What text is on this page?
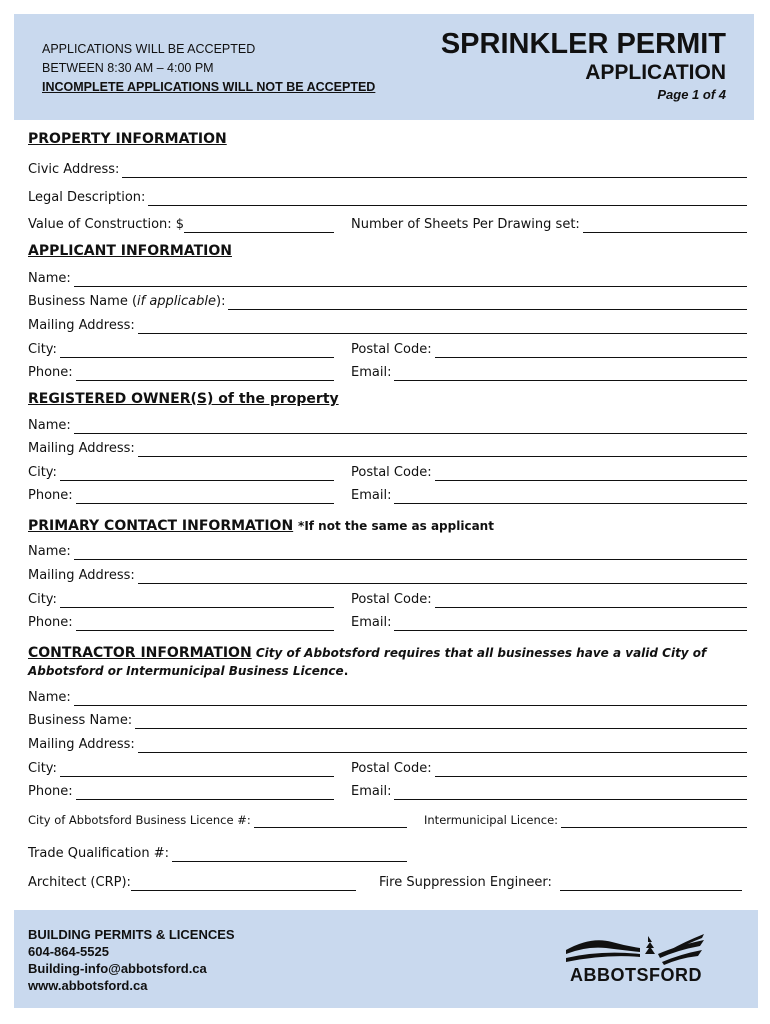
APPLICATIONS WILL BE ACCEPTED
BETWEEN 8:30 AM – 4:00 PM
INCOMPLETE APPLICATIONS WILL NOT BE ACCEPTED
SPRINKLER PERMIT
APPLICATION
Page 1 of 4
PROPERTY INFORMATION
Civic Address:
Legal Description:
Value of Construction: $	Number of Sheets Per Drawing set:
APPLICANT INFORMATION
Name:
Business Name (if applicable):
Mailing Address:
City:	Postal Code:
Phone:	Email:
REGISTERED OWNER(S) of the property
Name:
Mailing Address:
City:	Postal Code:
Phone:	Email:
PRIMARY CONTACT INFORMATION *If not the same as applicant
Name:
Mailing Address:
City:	Postal Code:
Phone:	Email:
CONTRACTOR INFORMATION City of Abbotsford requires that all businesses have a valid City of Abbotsford or Intermunicipal Business Licence.
Name:
Business Name:
Mailing Address:
City:	Postal Code:
Phone:	Email:
City of Abbotsford Business Licence #:	Intermunicipal Licence:
Trade Qualification #:
Architect (CRP):	Fire Suppression Engineer:
BUILDING PERMITS & LICENCES
604-864-5525
Building-info@abbotsford.ca
www.abbotsford.ca
ABBOTSFORD
